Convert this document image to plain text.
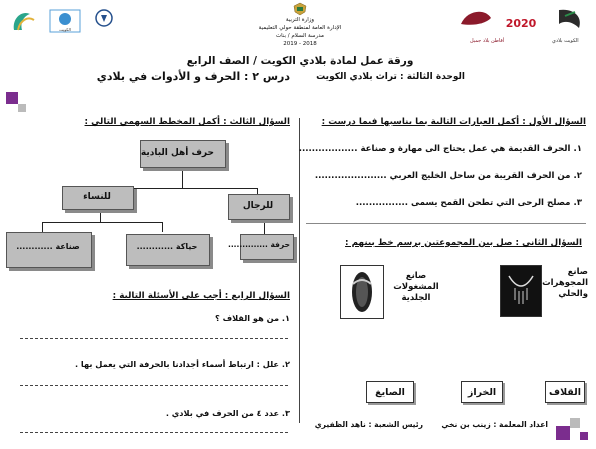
الكويت
وزارة التربية
الإدارة العامة لمنطقة حولي التعليمية
مدرسة السلام / بنات
2018 - 2019
2020
أقاطن بلاد جميل	الكويت بلادي
ورقة عمل لمادة بلادي الكويت / الصف الرابع
درس ٢ : الحرف و الأدوات في بلادي	الوحدة الثالثة : تراث بلادي الكويت
السؤال الأول : أكمل العبارات التالية بما يناسبها فيما درست :
١. الحرف القديمة هي عمل يحتاج الى مهارة و صناعة ..................
٢. من الحرف القريبة من ساحل الخليج العربي ......................
٣. مصلح الرحى التي تطحن القمح يسمى ................
السؤال الثاني : صل بين المجموعتين برسم خط بينهم :
صانع المجوهرات والحلي
صانع المشغولات الجلدية
القلاف
الخراز
الصايغ
اعداد المعلمة : زينب بن نخي
رئيس الشعبة : ناهد الظفيري
السؤال الثالث : أكمل المخطط السهمي التالي :
حرف أهل البادية
للرجال
للنساء
حرفة ..............
حياكة ............
صناعة ............
السؤال الرابع : أجب على الأسئلة التالية :
١. من هو القلاف ؟
٢. علل : ارتباط أسماء أجدادنا بالحرفة التي يعمل بها .
٣. عدد ٤ من الحرف في بلادي .
